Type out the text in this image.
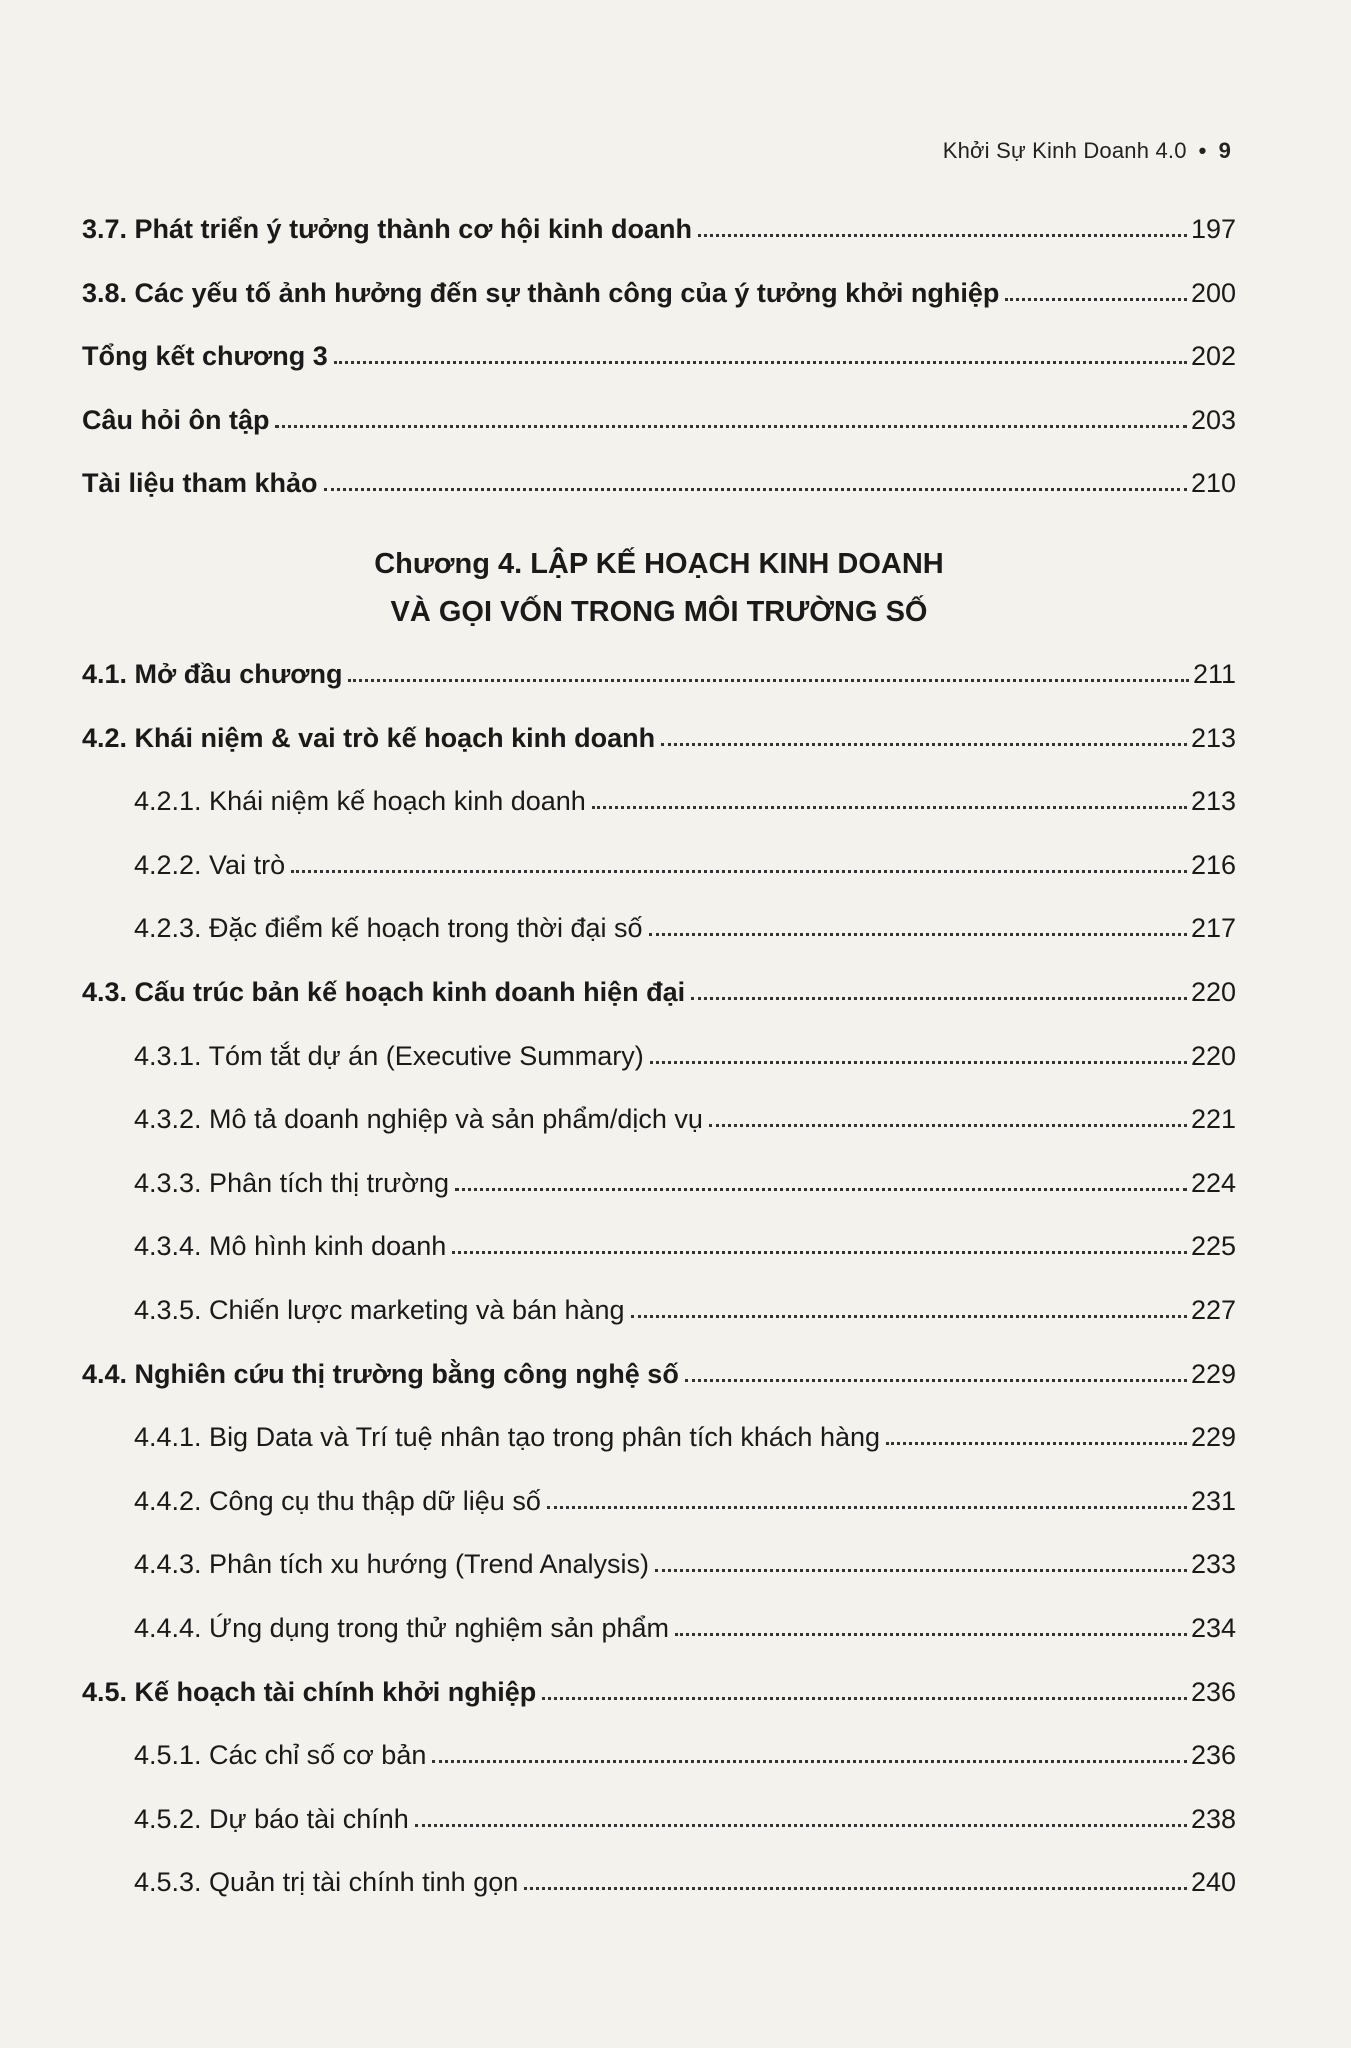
Khởi Sự Kinh Doanh 4.0 • 9
3.7. Phát triển ý tưởng thành cơ hội kinh doanh	197
3.8. Các yếu tố ảnh hưởng đến sự thành công của ý tưởng khởi nghiệp	200
Tổng kết chương 3	202
Câu hỏi ôn tập	203
Tài liệu tham khảo	210
Chương 4. LẬP KẾ HOẠCH KINH DOANH
VÀ GỌI VỐN TRONG MÔI TRƯỜNG SỐ
4.1. Mở đầu chương	211
4.2. Khái niệm & vai trò kế hoạch kinh doanh	213
4.2.1. Khái niệm kế hoạch kinh doanh	213
4.2.2. Vai trò	216
4.2.3. Đặc điểm kế hoạch trong thời đại số	217
4.3. Cấu trúc bản kế hoạch kinh doanh hiện đại	220
4.3.1. Tóm tắt dự án (Executive Summary)	220
4.3.2. Mô tả doanh nghiệp và sản phẩm/dịch vụ	221
4.3.3. Phân tích thị trường	224
4.3.4. Mô hình kinh doanh	225
4.3.5. Chiến lược marketing và bán hàng	227
4.4. Nghiên cứu thị trường bằng công nghệ số	229
4.4.1. Big Data và Trí tuệ nhân tạo trong phân tích khách hàng	229
4.4.2. Công cụ thu thập dữ liệu số	231
4.4.3. Phân tích xu hướng (Trend Analysis)	233
4.4.4. Ứng dụng trong thử nghiệm sản phẩm	234
4.5. Kế hoạch tài chính khởi nghiệp	236
4.5.1. Các chỉ số cơ bản	236
4.5.2. Dự báo tài chính	238
4.5.3. Quản trị tài chính tinh gọn	240
